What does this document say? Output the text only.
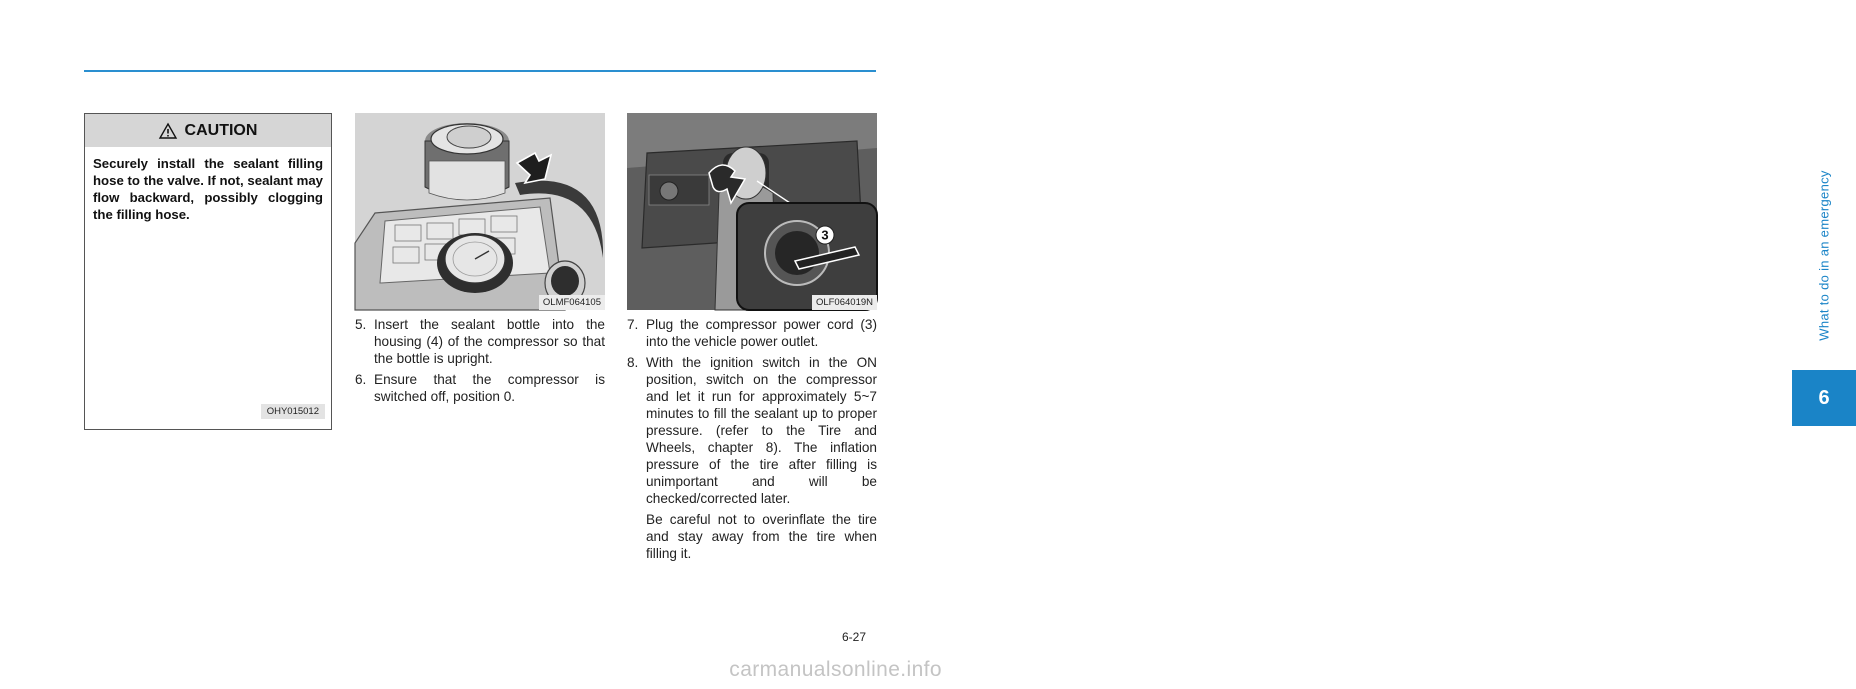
What to do in an emergency
6
CAUTION
Securely install the sealant filling hose to the valve. If not, sealant may flow backward, possibly clogging the filling hose.
OHY015012
OLMF064105
3
OLF064019N
5. Insert the sealant bottle into the housing (4) of the compressor so that the bottle is upright.
6. Ensure that the compressor is switched off, position 0.
7. Plug the compressor power cord (3) into the vehicle power outlet.
8. With the ignition switch in the ON position, switch on the compressor and let it run for approximately 5~7 minutes to fill the sealant up to proper pressure. (refer to the Tire and Wheels, chapter 8). The inflation pressure of the tire after filling is unimportant and will be checked/corrected later.
Be careful not to overinflate the tire and stay away from the tire when filling it.
6-27
carmanualsonline.info
